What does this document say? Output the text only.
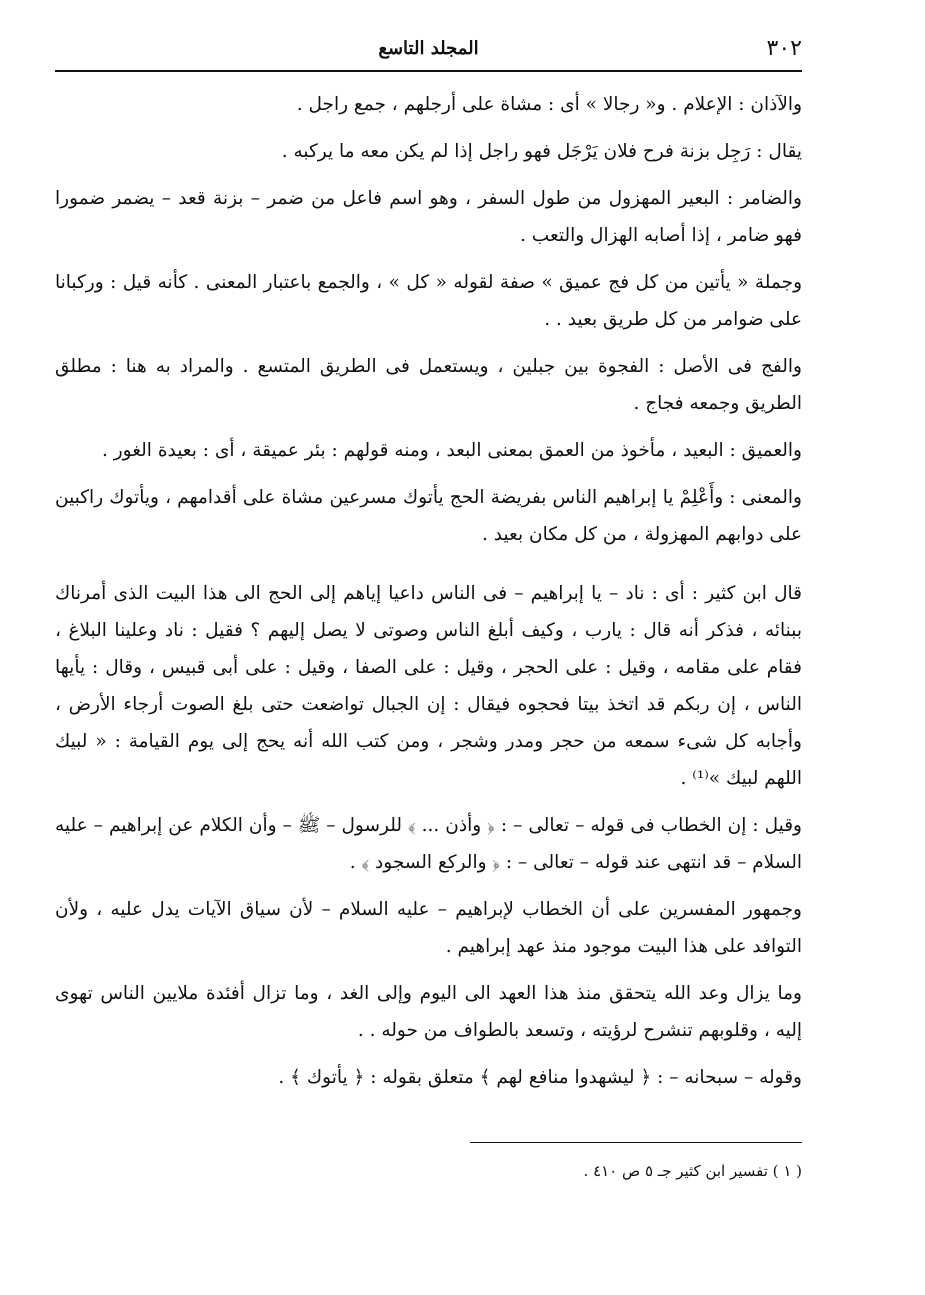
٣٠٢
المجلد التاسع

والآذان : الإعلام . و« رجالا » أى : مشاة على أرجلهم ، جمع راجل .

يقال : رَجِل بزنة فرح فلان يَرْجَل فهو راجل إذا لم يكن معه ما يركبه .

والضامر : البعير المهزول من طول السفر ، وهو اسم فاعل من ضمر – بزنة قعد – يضمر ضمورا فهو ضامر ، إذا أصابه الهزال والتعب .

وجملة « يأتين من كل فج عميق » صفة لقوله « كل » ، والجمع باعتبار المعنى . كأنه قيل : وركبانا على ضوامر من كل طريق بعيد . .

والفج فى الأصل : الفجوة بين جبلين ، ويستعمل فى الطريق المتسع . والمراد به هنا : مطلق الطريق وجمعه فجاج .

والعميق : البعيد ، مأخوذ من العمق بمعنى البعد ، ومنه قولهم : بئر عميقة ، أى : بعيدة الغور .

والمعنى : وأَعْلِمْ يا إبراهيم الناس بفريضة الحج يأتوك مسرعين مشاة على أقدامهم ، ويأتوك راكبين على دوابهم المهزولة ، من كل مكان بعيد .

قال ابن كثير : أى : ناد – يا إبراهيم – فى الناس داعيا إياهم إلى الحج الى هذا البيت الذى أمرناك ببنائه ، فذكر أنه قال : يارب ، وكيف أبلغ الناس وصوتى لا يصل إليهم ؟ فقيل : ناد وعلينا البلاغ ، فقام على مقامه ، وقيل : على الحجر ، وقيل : على الصفا ، وقيل : على أبى قبيس ، وقال : يأيها الناس ، إن ربكم قد اتخذ بيتا فحجوه فيقال : إن الجبال تواضعت حتى بلغ الصوت أرجاء الأرض ، وأجابه كل شىء سمعه من حجر ومدر وشجر ، ومن كتب الله أنه يحج إلى يوم القيامة : « لبيك اللهم لبيك »⁽¹⁾ .

وقيل : إن الخطاب فى قوله – تعالى – : ﴿ وأذن ... ﴾ للرسول – ﷺ – وأن الكلام عن إبراهيم – عليه السلام – قد انتهى عند قوله – تعالى – : ﴿ والركع السجود ﴾ .

وجمهور المفسرين على أن الخطاب لإبراهيم – عليه السلام – لأن سياق الآيات يدل عليه ، ولأن التوافد على هذا البيت موجود منذ عهد إبراهيم .

وما يزال وعد الله يتحقق منذ هذا العهد الى اليوم وإلى الغد ، وما تزال أفئدة ملايين الناس تهوى إليه ، وقلوبهم تنشرح لرؤيته ، وتسعد بالطواف من حوله . .

وقوله – سبحانه – : ﴿ ليشهدوا منافع لهم ﴾ متعلق بقوله : ﴿ يأتوك ﴾ .

( ١ ) تفسير ابن كثير جـ ٥ ص ٤١٠ .
